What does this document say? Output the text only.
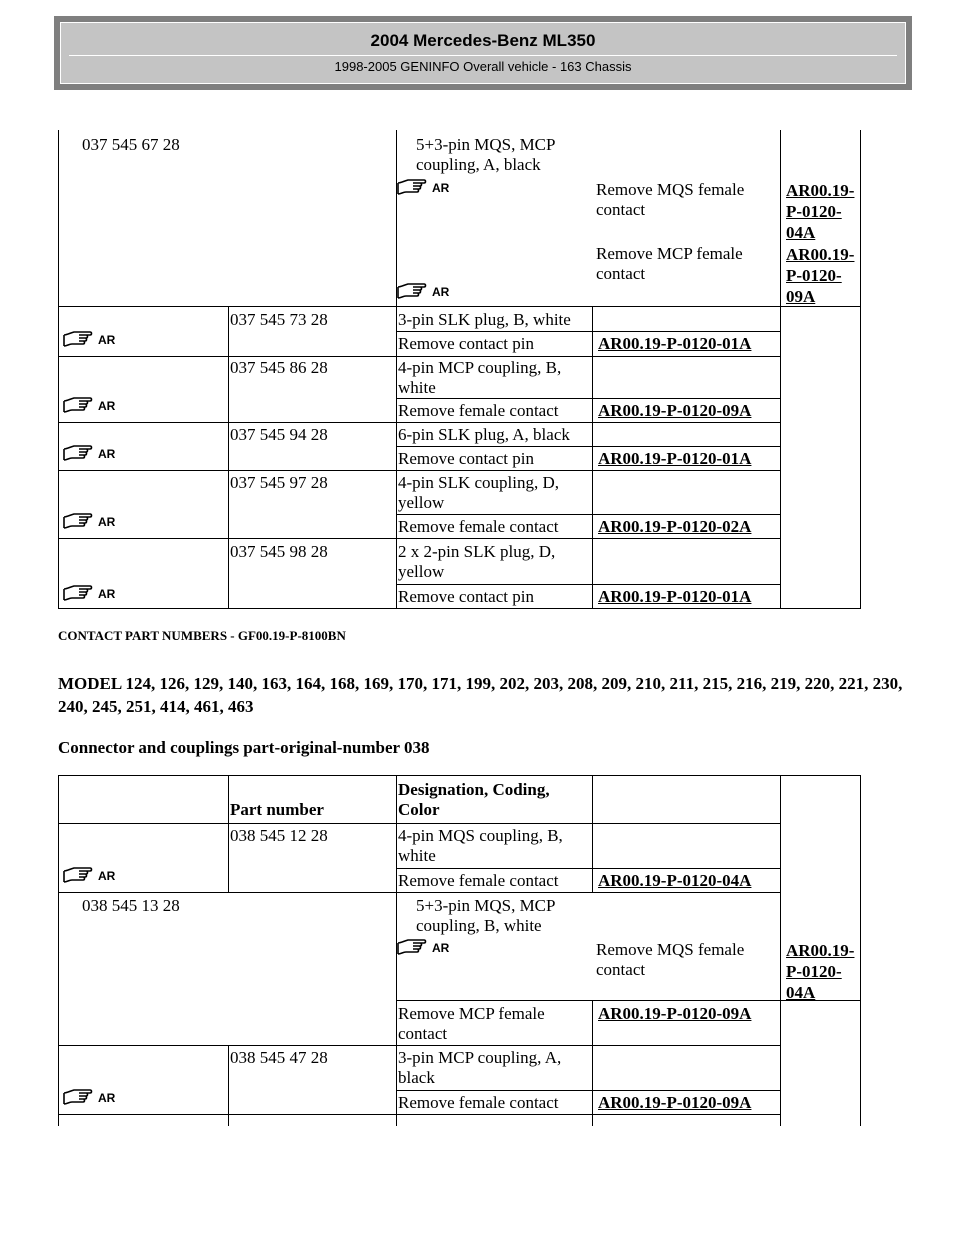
2004 Mercedes-Benz ML350
1998-2005 GENINFO Overall vehicle - 163 Chassis
037 545 67 28	5+3-pin MQS, MCP coupling, A, black
Remove MQS female contact
AR00.19-
P-0120-
04A
Remove MCP female contact
AR00.19-
P-0120-
09A
037 545 73 28	3-pin SLK plug, B, white
Remove contact pin	AR00.19-P-0120-01A
037 545 86 28	4-pin MCP coupling, B, white
Remove female contact AR00.19-P-0120-09A
037 545 94 28	6-pin SLK plug, A, black
Remove contact pin	AR00.19-P-0120-01A
037 545 97 28	4-pin SLK coupling, D, yellow
Remove female contact AR00.19-P-0120-02A
037 545 98 28	2 x 2-pin SLK plug, D, yellow
Remove contact pin	AR00.19-P-0120-01A
CONTACT PART NUMBERS - GF00.19-P-8100BN
MODEL 124, 126, 129, 140, 163, 164, 168, 169, 170, 171, 199, 202, 203, 208, 209, 210, 211, 215, 216, 219, 220, 221, 230, 240, 245, 251, 414, 461, 463
Connector and couplings part-original-number 038
Part number
Designation, Coding, Color
038 545 12 28	4-pin MQS coupling, B, white
Remove female contact AR00.19-P-0120-04A
038 545 13 28	5+3-pin MQS, MCP coupling, B, white
Remove MQS female contact
AR00.19-
P-0120-
04A
Remove MCP female contact
AR00.19-P-0120-09A
038 545 47 28	3-pin MCP coupling, A, black
Remove female contact AR00.19-P-0120-09A
